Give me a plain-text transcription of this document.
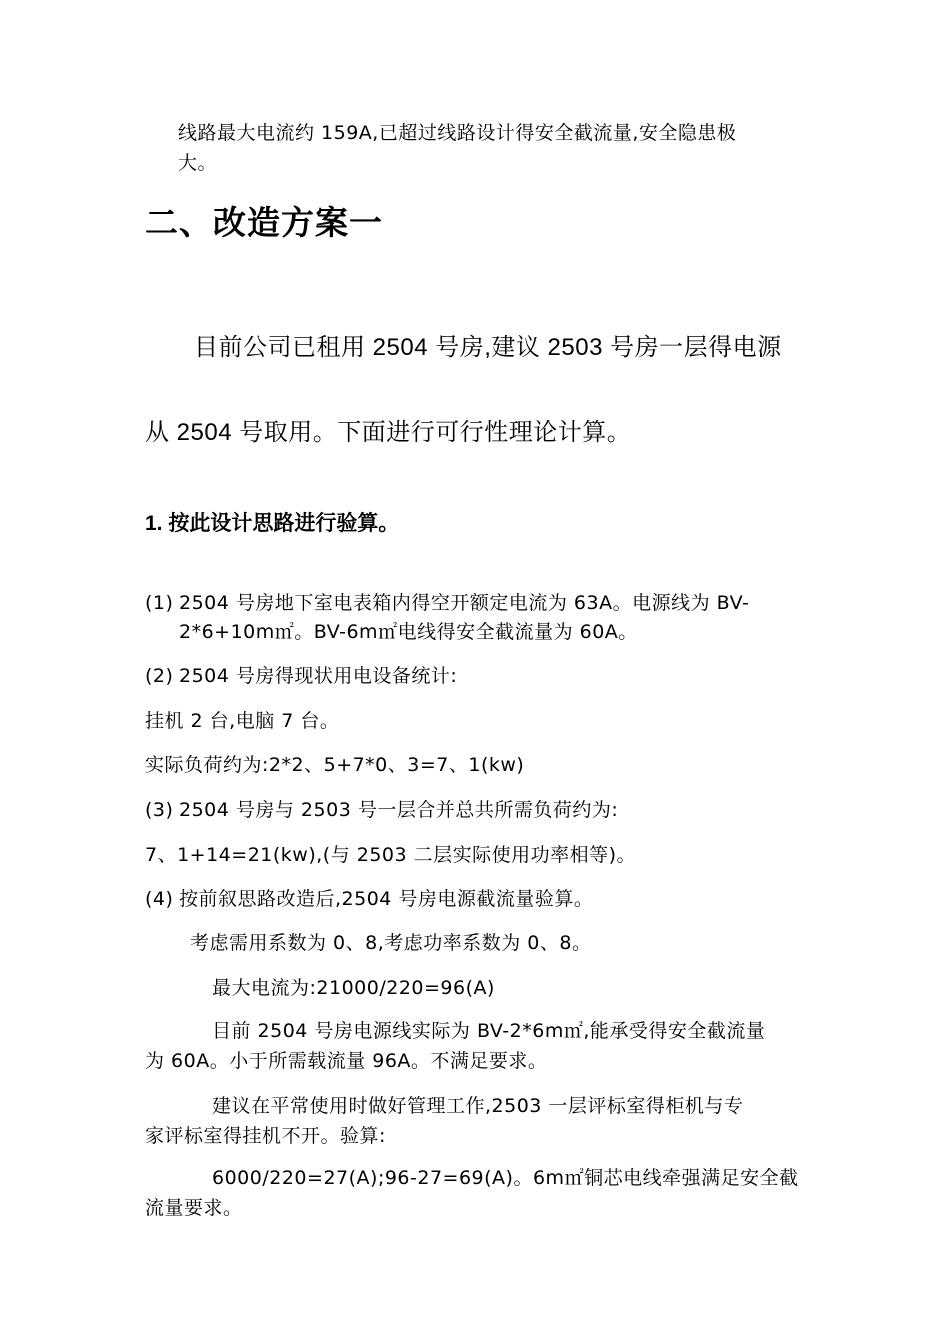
线路最大电流约 159A,已超过线路设计得安全截流量,安全隐患极

大。

二、改造方案一

目前公司已租用 2504 号房,建议 2503 号房一层得电源

从 2504 号取用。下面进行可行性理论计算。

1. 按此设计思路进行验算。

(1) 2504 号房地下室电表箱内得空开额定电流为 63A。电源线为 BV-

2*6+10m㎡。BV-6m㎡电线得安全截流量为 60A。

(2) 2504 号房得现状用电设备统计:

挂机 2 台,电脑 7 台。

实际负荷约为:2*2、5+7*0、3=7、1(kw)

(3) 2504 号房与 2503 号一层合并总共所需负荷约为:

7、1+14=21(kw),(与 2503 二层实际使用功率相等)。

(4) 按前叙思路改造后,2504 号房电源截流量验算。

考虑需用系数为 0、8,考虑功率系数为 0、8。

最大电流为:21000/220=96(A)

目前 2504 号房电源线实际为 BV-2*6m㎡,能承受得安全截流量

为 60A。小于所需载流量 96A。不满足要求。

建议在平常使用时做好管理工作,2503 一层评标室得柜机与专

家评标室得挂机不开。验算:

6000/220=27(A);96-27=69(A)。6m㎡铜芯电线牵强满足安全截

流量要求。
